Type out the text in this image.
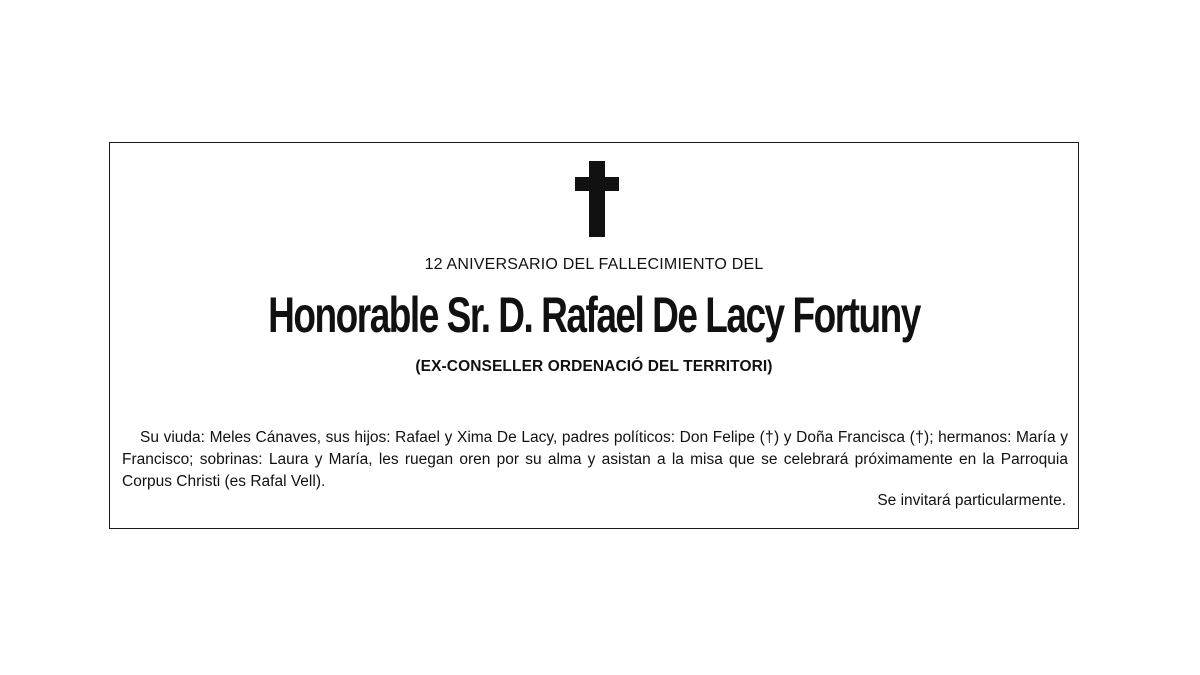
12 ANIVERSARIO DEL FALLECIMIENTO DEL
Honorable Sr. D. Rafael De Lacy Fortuny
(EX-CONSELLER ORDENACIÓ DEL TERRITORI)

Su viuda: Meles Cánaves, sus hijos: Rafael y Xima De Lacy, padres políticos: Don Felipe (†) y Doña Francisca (†); hermanos: María y Francisco; sobrinas: Laura y María, les ruegan oren por su alma y asistan a la misa que se celebrará próximamente en la Parroquia Corpus Christi (es Rafal Vell).

Se invitará particularmente.
